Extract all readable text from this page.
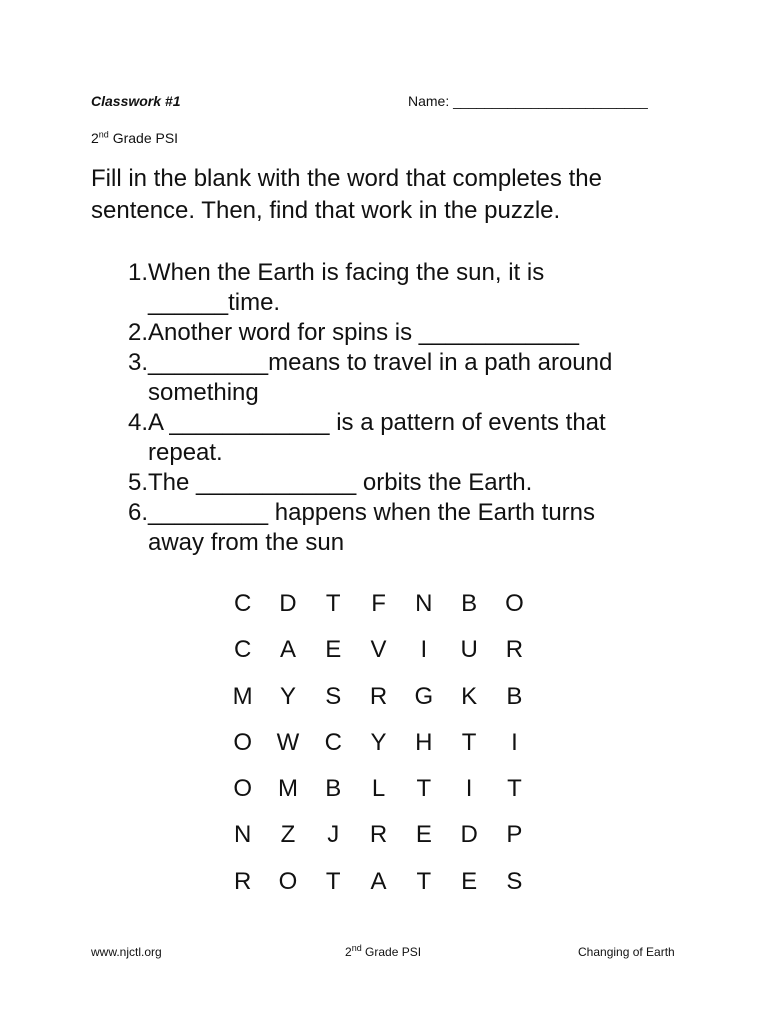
Classwork #1	Name: _________________________
2nd Grade PSI
Fill in the blank with the word that completes the sentence. Then, find that work in the puzzle.
1. When the Earth is facing the sun, it is
______time.
2. Another word for spins is ____________
3. _________means to travel in a path around
something
4. A ____________ is a pattern of events that
repeat.
5. The ____________ orbits the Earth.
6. _________ happens when the Earth turns
away from the sun
C	D	T	F	N	B	O
C	A	E	V	I	U	R
M	Y	S	R	G	K	B
O	W	C	Y	H	T	I
O	M	B	L	T	I	T
N	Z	J	R	E	D	P
R	O	T	A	T	E	S
www.njctl.org	2nd Grade PSI	Changing of Earth
